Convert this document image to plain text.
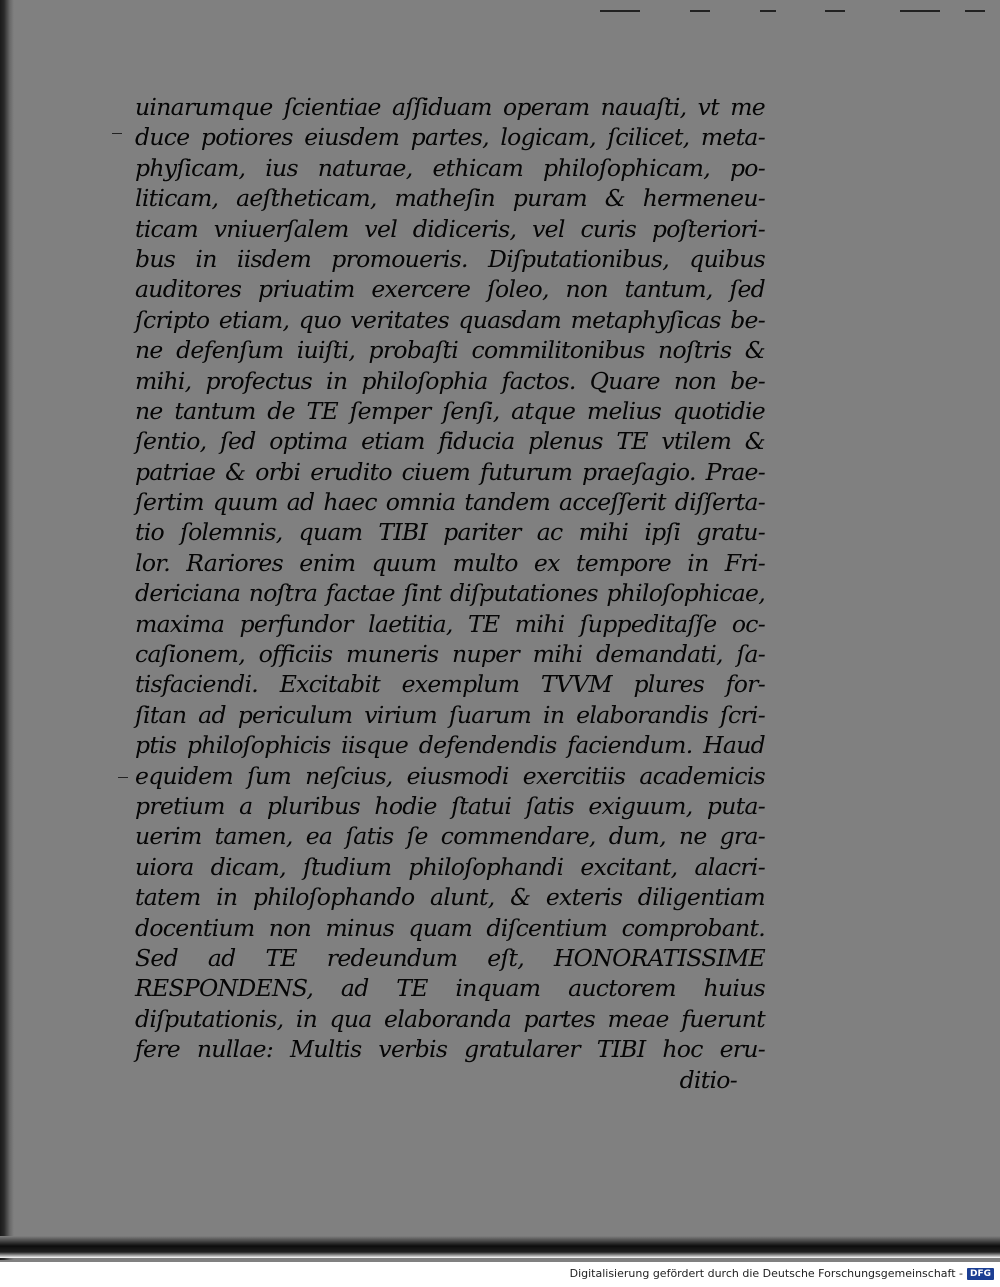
uinarumque ſcientiae aſſiduam operam nauaſti, vt me
duce potiores eiusdem partes, logicam, ſcilicet, meta-
phyſicam, ius naturae, ethicam philoſophicam, po-
liticam, aeſtheticam, matheſin puram & hermeneu-
ticam vniuerſalem vel didiceris, vel curis poſteriori-
bus in iisdem promoueris. Diſputationibus, quibus
auditores priuatim exercere ſoleo, non tantum, ſed
ſcripto etiam, quo veritates quasdam metaphyſicas be-
ne defenſum iuiſti, probaſti commilitonibus noſtris &
mihi, profectus in philoſophia factos. Quare non be-
ne tantum de TE ſemper ſenſi, atque melius quotidie
ſentio, ſed optima etiam fiducia plenus TE vtilem &
patriae & orbi erudito ciuem futurum praeſagio. Prae-
ſertim quum ad haec omnia tandem acceſſerit diſſerta-
tio ſolemnis, quam TIBI pariter ac mihi ipſi gratu-
lor. Rariores enim quum multo ex tempore in Fri-
dericiana noſtra factae ſint diſputationes philoſophicae,
maxima perfundor laetitia, TE mihi ſuppeditaſſe oc-
caſionem, officiis muneris nuper mihi demandati, ſa-
tisfaciendi. Excitabit exemplum TVVM plures for-
ſitan ad periculum virium ſuarum in elaborandis ſcri-
ptis philoſophicis iisque defendendis faciendum. Haud
equidem ſum neſcius, eiusmodi exercitiis academicis
pretium a pluribus hodie ſtatui ſatis exiguum, puta-
uerim tamen, ea ſatis ſe commendare, dum, ne gra-
uiora dicam, ſtudium philoſophandi excitant, alacri-
tatem in philoſophando alunt, & exteris diligentiam
docentium non minus quam diſcentium comprobant.
Sed ad TE redeundum eſt, HONORATISSIME
RESPONDENS, ad TE inquam auctorem huius
diſputationis, in qua elaboranda partes meae fuerunt
fere nullae: Multis verbis gratularer TIBI hoc eru-
ditio-
Digitalisierung gefördert durch die Deutsche Forschungsgemeinschaft - DFG
